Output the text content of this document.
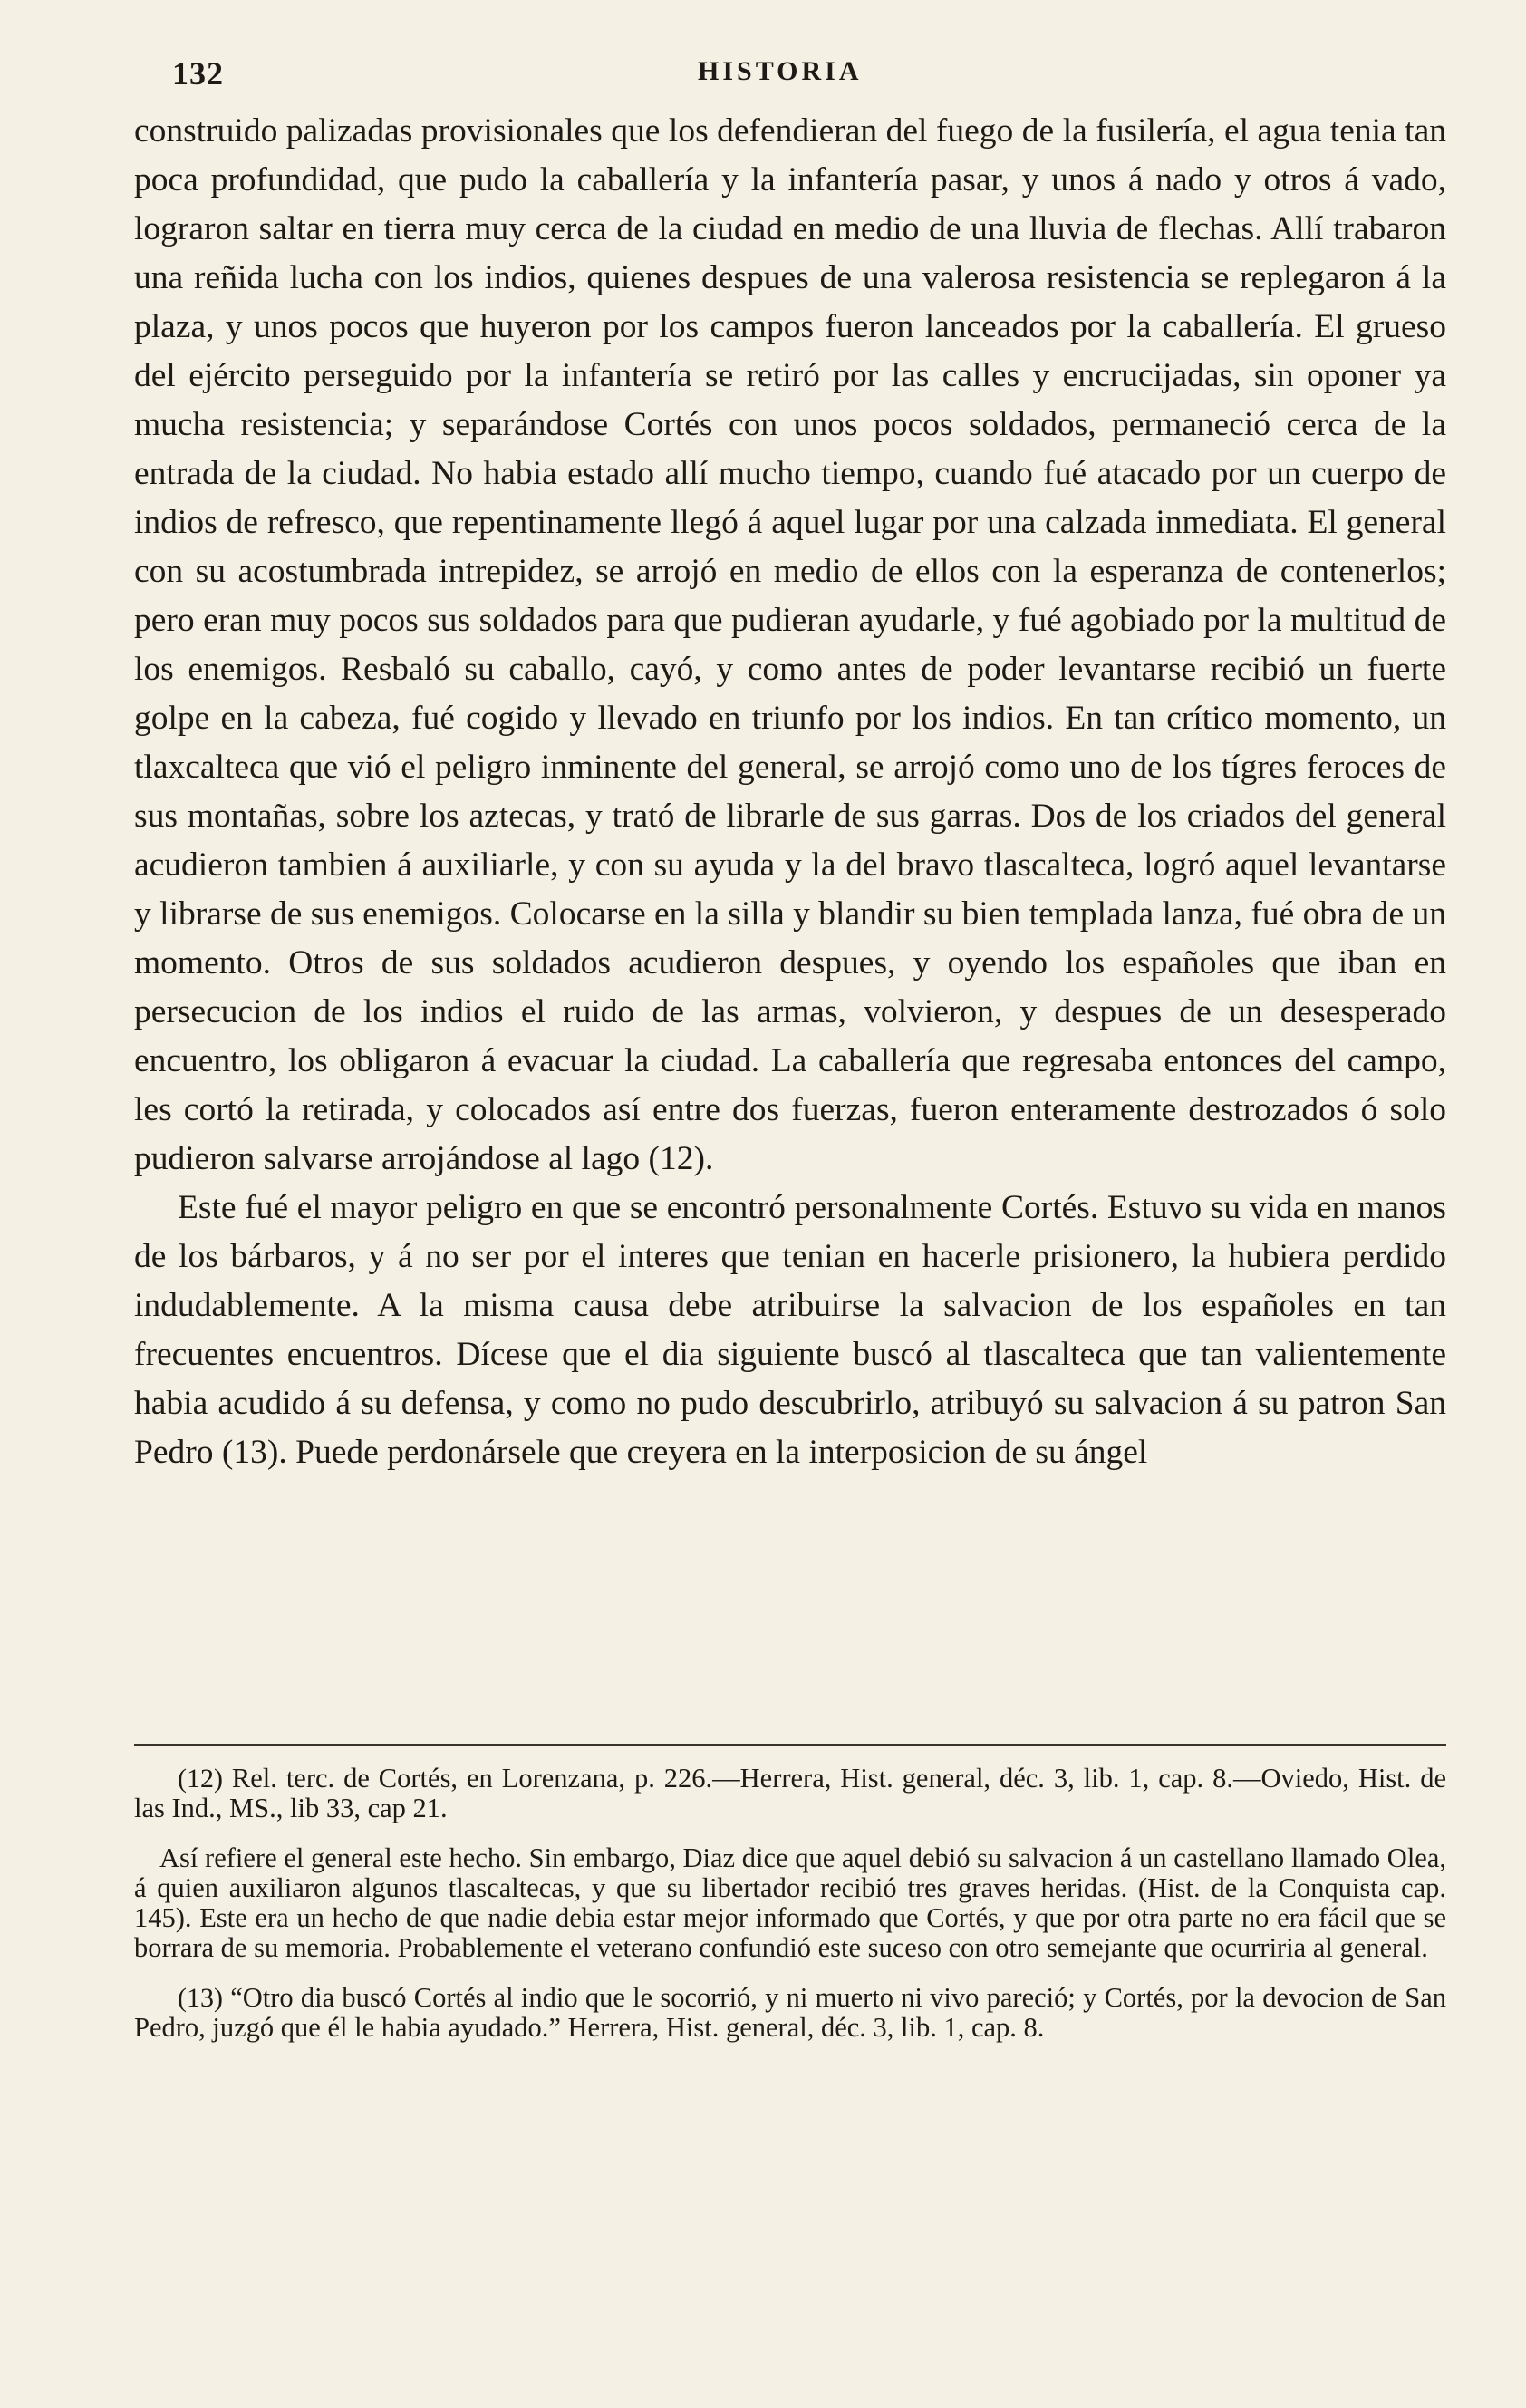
132	HISTORIA

construido palizadas provisionales que los defendieran del fuego de la fusilería, el agua tenia tan poca profundidad, que pudo la caballería y la infantería pasar, y unos á nado y otros á vado, lograron saltar en tierra muy cerca de la ciudad en medio de una lluvia de flechas. Allí trabaron una reñida lucha con los indios, quienes despues de una valerosa resistencia se replegaron á la plaza, y unos pocos que huyeron por los campos fueron lanceados por la caballería. El grueso del ejército perseguido por la infantería se retiró por las calles y encrucijadas, sin oponer ya mucha resistencia; y separándose Cortés con unos pocos soldados, permaneció cerca de la entrada de la ciudad. No habia estado allí mucho tiempo, cuando fué atacado por un cuerpo de indios de refresco, que repentinamente llegó á aquel lugar por una calzada inmediata. El general con su acostumbrada intrepidez, se arrojó en medio de ellos con la esperanza de contenerlos; pero eran muy pocos sus soldados para que pudieran ayudarle, y fué agobiado por la multitud de los enemigos. Resbaló su caballo, cayó, y como antes de poder levantarse recibió un fuerte golpe en la cabeza, fué cogido y llevado en triunfo por los indios. En tan crítico momento, un tlaxcalteca que vió el peligro inminente del general, se arrojó como uno de los tígres feroces de sus montañas, sobre los aztecas, y trató de librarle de sus garras. Dos de los criados del general acudieron tambien á auxiliarle, y con su ayuda y la del bravo tlascalteca, logró aquel levantarse y librarse de sus enemigos. Colocarse en la silla y blandir su bien templada lanza, fué obra de un momento. Otros de sus soldados acudieron despues, y oyendo los españoles que iban en persecucion de los indios el ruido de las armas, volvieron, y despues de un desesperado encuentro, los obligaron á evacuar la ciudad. La caballería que regresaba entonces del campo, les cortó la retirada, y colocados así entre dos fuerzas, fueron enteramente destrozados ó solo pudieron salvarse arrojándose al lago (12).

Este fué el mayor peligro en que se encontró personalmente Cortés. Estuvo su vida en manos de los bárbaros, y á no ser por el interes que tenian en hacerle prisionero, la hubiera perdido indudablemente. A la misma causa debe atribuirse la salvacion de los españoles en tan frecuentes encuentros. Dícese que el dia siguiente buscó al tlascalteca que tan valientemente habia acudido á su defensa, y como no pudo descubrirlo, atribuyó su salvacion á su patron San Pedro (13). Puede perdonársele que creyera en la interposicion de su ángel

(12) Rel. terc. de Cortés, en Lorenzana, p. 226.—Herrera, Hist. general, déc. 3, lib. 1, cap. 8.—Oviedo, Hist. de las Ind., MS., lib 33, cap 21.

Así refiere el general este hecho. Sin embargo, Diaz dice que aquel debió su salvacion á un castellano llamado Olea, á quien auxiliaron algunos tlascaltecas, y que su libertador recibió tres graves heridas. (Hist. de la Conquista cap. 145). Este era un hecho de que nadie debia estar mejor informado que Cortés, y que por otra parte no era fácil que se borrara de su memoria. Probablemente el veterano confundió este suceso con otro semejante que ocurriria al general.

(13) “Otro dia buscó Cortés al indio que le socorrió, y ni muerto ni vivo pareció; y Cortés, por la devocion de San Pedro, juzgó que él le habia ayudado.” Herrera, Hist. general, déc. 3, lib. 1, cap. 8.
